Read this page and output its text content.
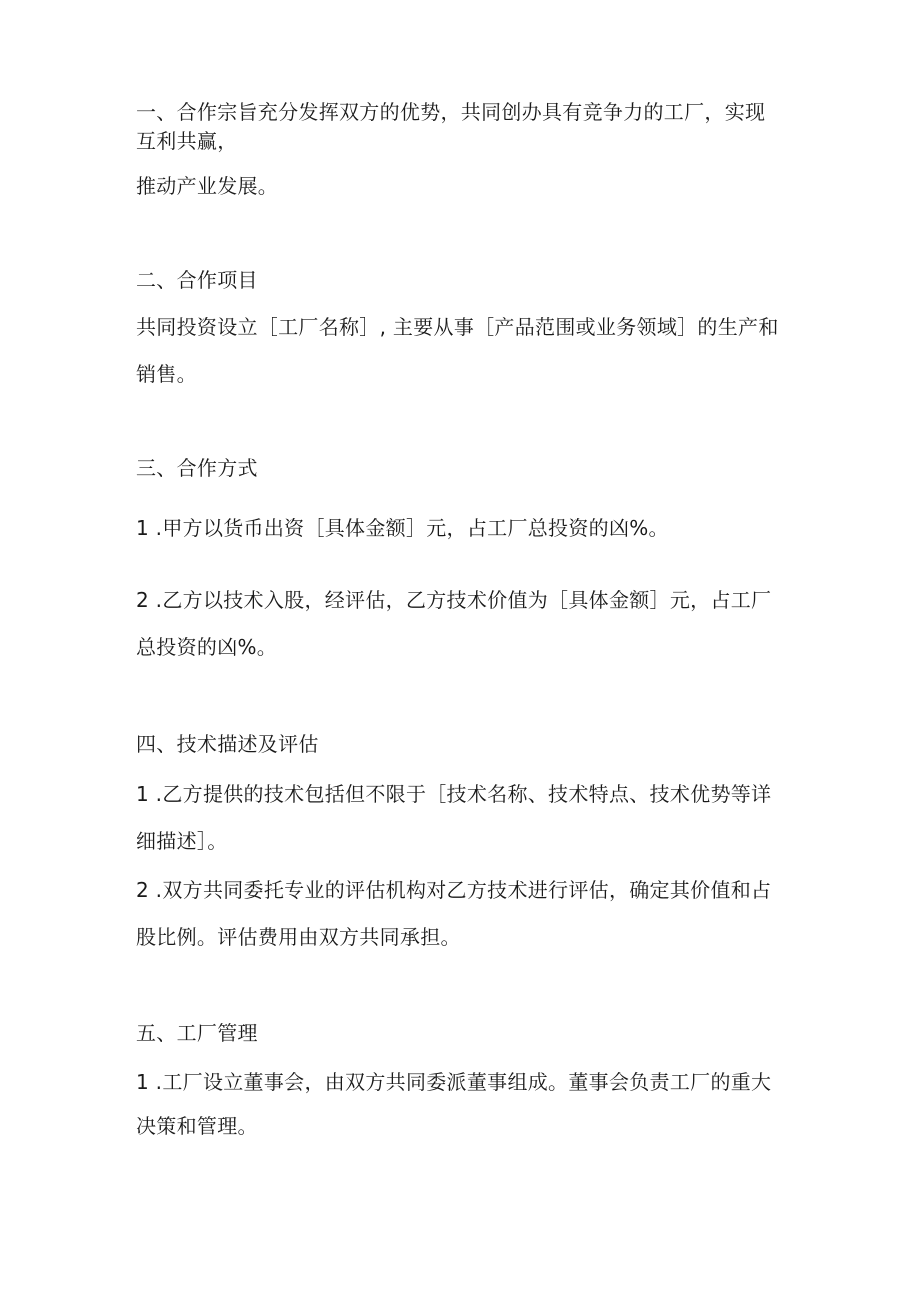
一、合作宗旨充分发挥双方的优势，共同创办具有竞争力的工厂，实现
互利共赢，
推动产业发展。
二、合作项目
共同投资设立［工厂名称］, 主要从事［产品范围或业务领域］的生产和
销售。
三、合作方式
1 .甲方以货币出资［具体金额］元，占工厂总投资的凶%。
2 .乙方以技术入股，经评估，乙方技术价值为［具体金额］元，占工厂
总投资的凶%。
四、技术描述及评估
1 .乙方提供的技术包括但不限于［技术名称、技术特点、技术优势等详
细描述］。
2 .双方共同委托专业的评估机构对乙方技术进行评估，确定其价值和占
股比例。评估费用由双方共同承担。
五、工厂管理
1 .工厂设立董事会，由双方共同委派董事组成。董事会负责工厂的重大
决策和管理。
